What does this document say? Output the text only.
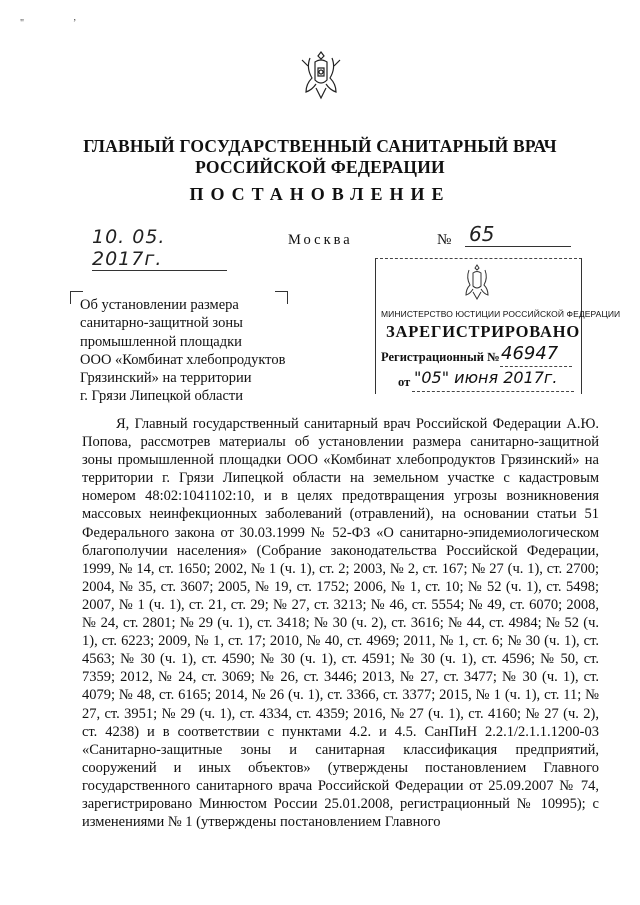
"	’
ГЛАВНЫЙ ГОСУДАРСТВЕННЫЙ САНИТАРНЫЙ ВРАЧ
РОССИЙСКОЙ ФЕДЕРАЦИИ
ПОСТАНОВЛЕНИЕ
10. 05. 2017г.
Москва	№ 65
Об установлении размера
санитарно-защитной зоны
промышленной площадки
ООО «Комбинат хлебопродуктов
Грязинский» на территории
г. Грязи Липецкой области
МИНИСТЕРСТВО ЮСТИЦИИ РОССИЙСКОЙ ФЕДЕРАЦИИ
ЗАРЕГИСТРИРОВАНО
Регистрационный № 46947
от "05" июня 2017г.

Я, Главный государственный санитарный врач Российской Федерации А.Ю. Попова, рассмотрев материалы об установлении размера санитарно-защитной зоны промышленной площадки ООО «Комбинат хлебопродуктов Грязинский» на территории г. Грязи Липецкой области на земельном участке с кадастровым номером 48:02:1041102:10, и в целях предотвращения угрозы возникновения массовых неинфекционных заболеваний (отравлений), на основании статьи 51 Федерального закона от 30.03.1999 № 52-ФЗ «О санитарно-эпидемиологическом благополучии населения» (Собрание законодательства Российской Федерации, 1999, № 14, ст. 1650; 2002, № 1 (ч. 1), ст. 2; 2003, № 2, ст. 167; № 27 (ч. 1), ст. 2700; 2004, № 35, ст. 3607; 2005, № 19, ст. 1752; 2006, № 1, ст. 10; № 52 (ч. 1), ст. 5498; 2007, № 1 (ч. 1), ст. 21, ст. 29; № 27, ст. 3213; № 46, ст. 5554; № 49, ст. 6070; 2008, № 24, ст. 2801; № 29 (ч. 1), ст. 3418; № 30 (ч. 2), ст. 3616; № 44, ст. 4984; № 52 (ч. 1), ст. 6223; 2009, № 1, ст. 17; 2010, № 40, ст. 4969; 2011, № 1, ст. 6; № 30 (ч. 1), ст. 4563; № 30 (ч. 1), ст. 4590; № 30 (ч. 1), ст. 4591; № 30 (ч. 1), ст. 4596; № 50, ст. 7359; 2012, № 24, ст. 3069; № 26, ст. 3446; 2013, № 27, ст. 3477; № 30 (ч. 1), ст. 4079; № 48, ст. 6165; 2014, № 26 (ч. 1), ст. 3366, ст. 3377; 2015, № 1 (ч. 1), ст. 11; № 27, ст. 3951; № 29 (ч. 1), ст. 4334, ст. 4359; 2016, № 27 (ч. 1), ст. 4160; № 27 (ч. 2), ст. 4238) и в соответствии с пунктами 4.2. и 4.5. СанПиН 2.2.1/2.1.1.1200-03 «Санитарно-защитные зоны и санитарная классификация предприятий, сооружений и иных объектов» (утверждены постановлением Главного государственного санитарного врача Российской Федерации от 25.09.2007 № 74, зарегистрировано Минюстом России 25.01.2008, регистрационный № 10995); с изменениями № 1 (утверждены постановлением Главного
